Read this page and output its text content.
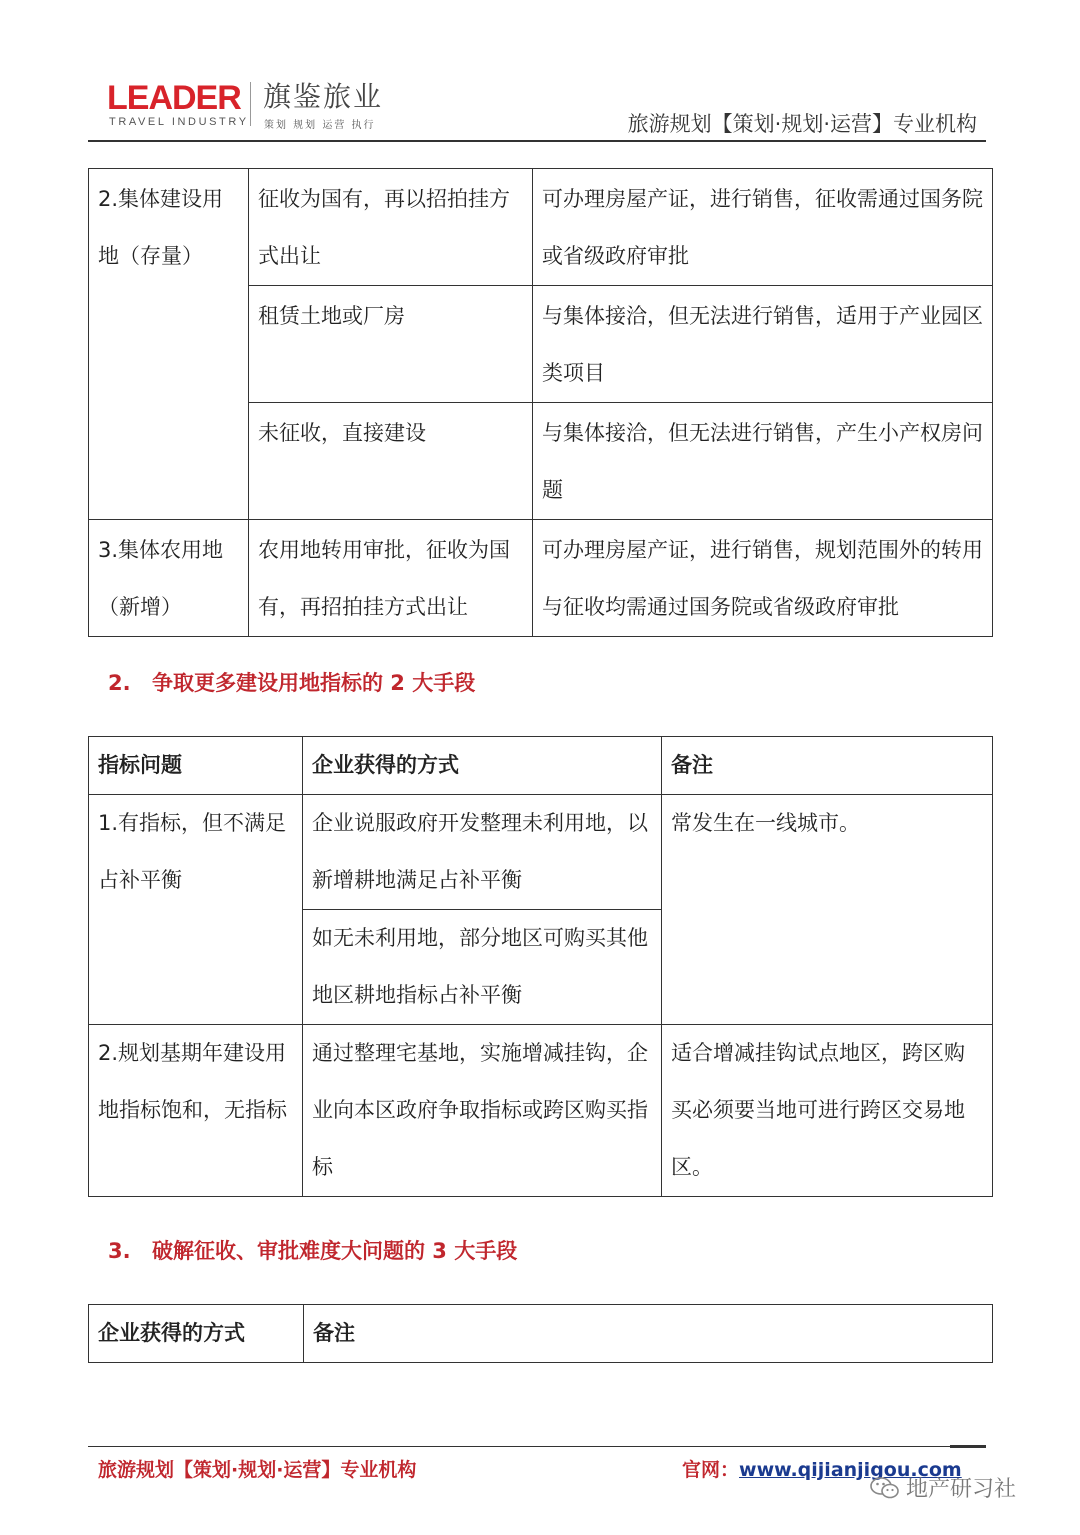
LEADER
TRAVEL INDUSTRY
旗鉴旅业
策划 规划 运营 执行	旅游规划【策划·规划·运营】专业机构
2.集体建设用地（存量）	征收为国有，再以招拍挂方式出让	可办理房屋产证，进行销售，征收需通过国务院或省级政府审批
	租赁土地或厂房	与集体接洽，但无法进行销售，适用于产业园区类项目
	未征收，直接建设	与集体接洽，但无法进行销售，产生小产权房问题
3.集体农用地（新增）	农用地转用审批，征收为国有，再招拍挂方式出让	可办理房屋产证，进行销售，规划范围外的转用与征收均需通过国务院或省级政府审批
2. 争取更多建设用地指标的 2 大手段
指标问题	企业获得的方式	备注
1.有指标，但不满足占补平衡	企业说服政府开发整理未利用地，以新增耕地满足占补平衡	常发生在一线城市。
	如无未利用地，部分地区可购买其他地区耕地指标占补平衡	
2.规划基期年建设用地指标饱和，无指标	通过整理宅基地，实施增减挂钩，企业向本区政府争取指标或跨区购买指标	适合增减挂钩试点地区，跨区购买必须要当地可进行跨区交易地区。
3. 破解征收、审批难度大问题的 3 大手段
企业获得的方式	备注
旅游规划【策划·规划·运营】专业机构	官网：www.qijianjigou.com
地产研习社
